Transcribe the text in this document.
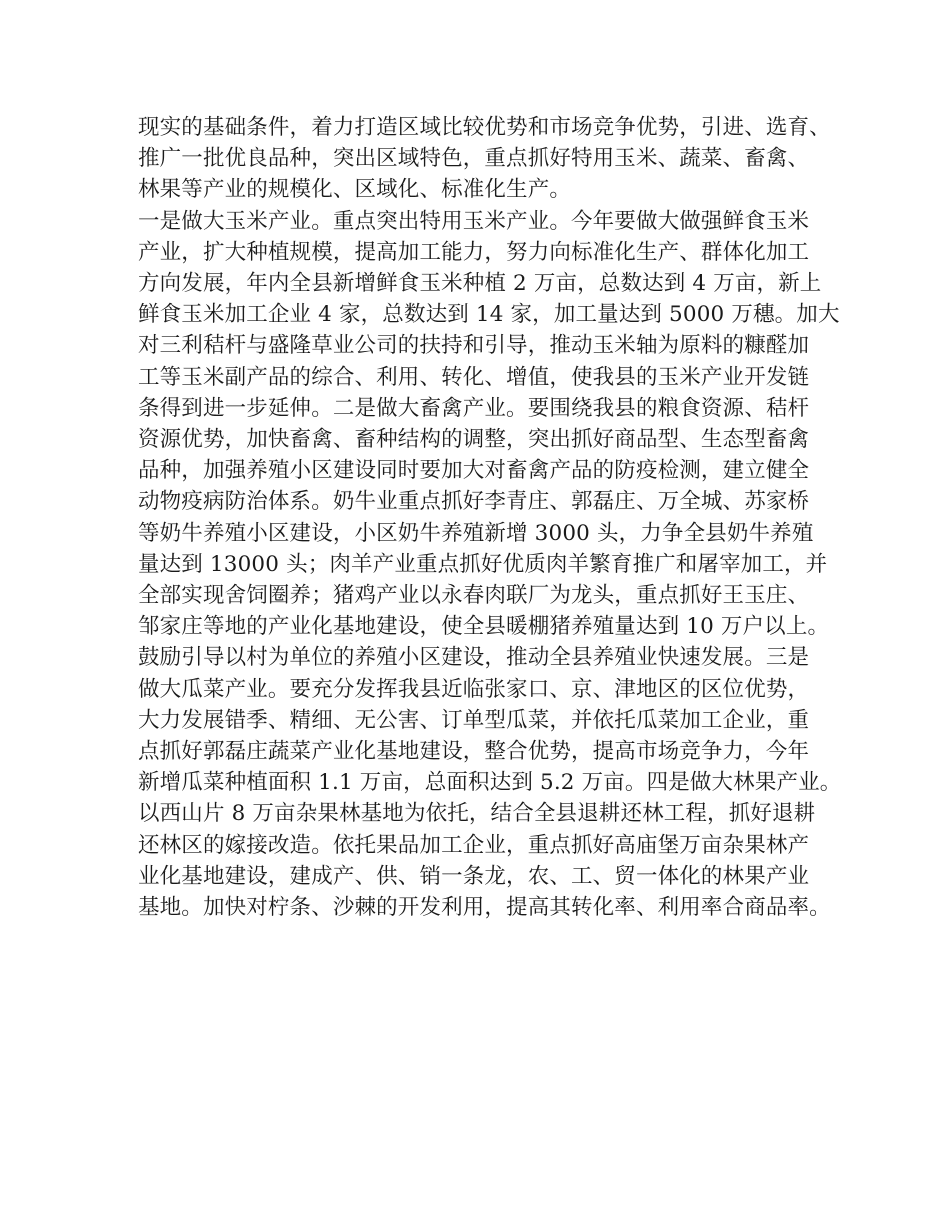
现实的基础条件，着力打造区域比较优势和市场竞争优势，引进、选育、
推广一批优良品种，突出区域特色，重点抓好特用玉米、蔬菜、畜禽、
林果等产业的规模化、区域化、标准化生产。
一是做大玉米产业。重点突出特用玉米产业。今年要做大做强鲜食玉米
产业，扩大种植规模，提高加工能力，努力向标准化生产、群体化加工
方向发展，年内全县新增鲜食玉米种植 2 万亩，总数达到 4 万亩，新上
鲜食玉米加工企业 4 家，总数达到 14 家，加工量达到 5000 万穗。加大
对三利秸杆与盛隆草业公司的扶持和引导，推动玉米轴为原料的糠醛加
工等玉米副产品的综合、利用、转化、增值，使我县的玉米产业开发链
条得到进一步延伸。二是做大畜禽产业。要围绕我县的粮食资源、秸杆
资源优势，加快畜禽、畜种结构的调整，突出抓好商品型、生态型畜禽
品种，加强养殖小区建设同时要加大对畜禽产品的防疫检测，建立健全
动物疫病防治体系。奶牛业重点抓好李青庄、郭磊庄、万全城、苏家桥
等奶牛养殖小区建设，小区奶牛养殖新增 3000 头，力争全县奶牛养殖
量达到 13000 头；肉羊产业重点抓好优质肉羊繁育推广和屠宰加工，并
全部实现舍饲圈养；猪鸡产业以永春肉联厂为龙头，重点抓好王玉庄、
邹家庄等地的产业化基地建设，使全县暖棚猪养殖量达到 10 万户以上。
鼓励引导以村为单位的养殖小区建设，推动全县养殖业快速发展。三是
做大瓜菜产业。要充分发挥我县近临张家口、京、津地区的区位优势，
大力发展错季、精细、无公害、订单型瓜菜，并依托瓜菜加工企业，重
点抓好郭磊庄蔬菜产业化基地建设，整合优势，提高市场竞争力，今年
新增瓜菜种植面积 1.1 万亩，总面积达到 5.2 万亩。四是做大林果产业。
以西山片 8 万亩杂果林基地为依托，结合全县退耕还林工程，抓好退耕
还林区的嫁接改造。依托果品加工企业，重点抓好高庙堡万亩杂果林产
业化基地建设，建成产、供、销一条龙，农、工、贸一体化的林果产业
基地。加快对柠条、沙棘的开发利用，提高其转化率、利用率合商品率。
